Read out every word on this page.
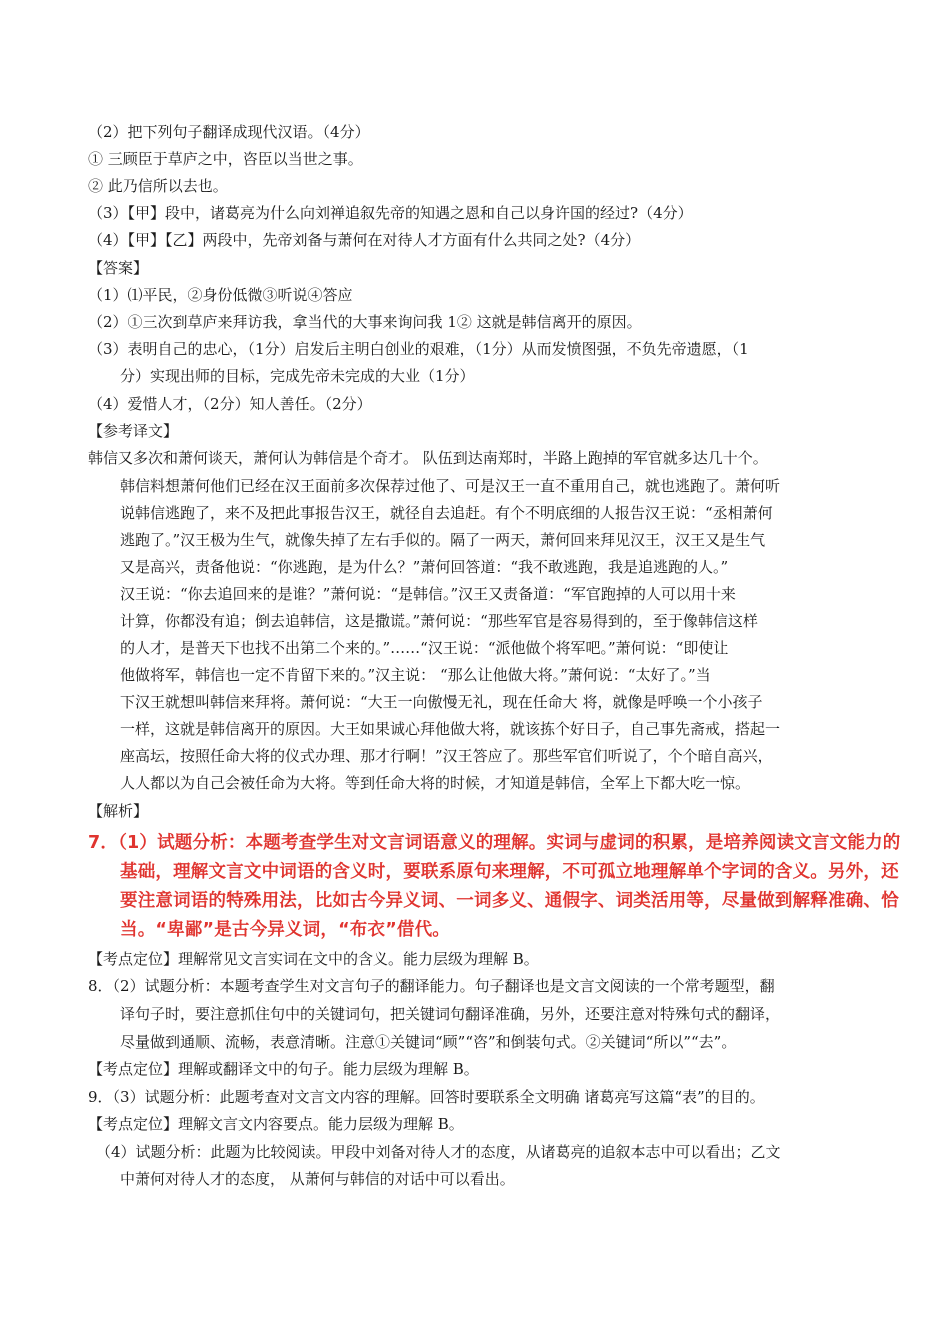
（2）把下列句子翻译成现代汉语。（4分）
① 三顾臣于草庐之中，咨臣以当世之事。
② 此乃信所以去也。
（3）【甲】段中，诸葛亮为什么向刘禅追叙先帝的知遇之恩和自己以身许国的经过?（4分）
（4）【甲】【乙】两段中，先帝刘备与萧何在对待人才方面有什么共同之处?（4分）
【答案】
（1）⑴平民，②身份低微③听说④答应
（2）①三次到草庐来拜访我，拿当代的大事来询问我 1② 这就是韩信离开的原因。
（3）表明自己的忠心，（1分）启发后主明白创业的艰难，（1分）从而发愤图强，不负先帝遗愿，（1
分）实现出师的目标，完成先帝未完成的大业（1分）
（4）爱惜人才，（2分）知人善任。（2分）
【参考译文】
韩信又多次和萧何谈天，萧何认为韩信是个奇才。 队伍到达南郑时，半路上跑掉的军官就多达几十个。
韩信料想萧何他们已经在汉王面前多次保荐过他了、可是汉王一直不重用自己，就也逃跑了。萧何听
说韩信逃跑了，来不及把此事报告汉王，就径自去追赶。有个不明底细的人报告汉王说：“丞相萧何
逃跑了。”汉王极为生气，就像失掉了左右手似的。隔了一两天，萧何回来拜见汉王，汉王又是生气
又是高兴，责备他说：“你逃跑，是为什么？”萧何回答道：“我不敢逃跑，我是追逃跑的人。”
汉王说：“你去追回来的是谁？”萧何说：“是韩信。”汉王又责备道：“军官跑掉的人可以用十来
计算，你都没有追；倒去追韩信，这是撒谎。”萧何说：“那些军官是容易得到的，至于像韩信这样
的人才，是普天下也找不出第二个来的。”……“汉王说：“派他做个将军吧。”萧何说：“即使让
他做将军，韩信也一定不肯留下来的。”汉主说： “那么让他做大将。”萧何说：“太好了。”当
下汉王就想叫韩信来拜将。萧何说：“大王一向傲慢无礼，现在任命大 将，就像是呼唤一个小孩子
一样，这就是韩信离开的原因。大王如果诚心拜他做大将，就该拣个好日子，自己事先斋戒，搭起一
座高坛，按照任命大将的仪式办理、那才行啊！”汉王答应了。那些军官们听说了，个个暗自高兴，
人人都以为自己会被任命为大将。等到任命大将的时候，才知道是韩信，全军上下都大吃一惊。
【解析】
7．（1）试题分析：本题考查学生对文言词语意义的理解。实词与虚词的积累，是培养阅读文言文能力的
基础，理解文言文中词语的含义时，要联系原句来理解，不可孤立地理解单个字词的含义。另外，还
要注意词语的特殊用法，比如古今异义词、一词多义、通假字、词类活用等，尽量做到解释准确、恰
当。“卑鄙”是古今异义词，“布衣”借代。
【考点定位】理解常见文言实词在文中的含义。能力层级为理解 B。
8．（2）试题分析：本题考查学生对文言句子的翻译能力。句子翻译也是文言文阅读的一个常考题型，翻
译句子时，要注意抓住句中的关键词句，把关键词句翻译准确，另外，还要注意对特殊句式的翻译，
尽量做到通顺、流畅，表意清晰。注意①关键词“顾”“咨”和倒装句式。②关键词“所以”“去”。
【考点定位】理解或翻译文中的句子。能力层级为理解 B。
9．（3）试题分析：此题考查对文言文内容的理解。回答时要联系全文明确 诸葛亮写这篇“表”的目的。
【考点定位】理解文言文内容要点。能力层级为理解 B。
（4）试题分析：此题为比较阅读。甲段中刘备对待人才的态度，从诸葛亮的追叙本志中可以看出；乙文
中萧何对待人才的态度， 从萧何与韩信的对话中可以看出。
